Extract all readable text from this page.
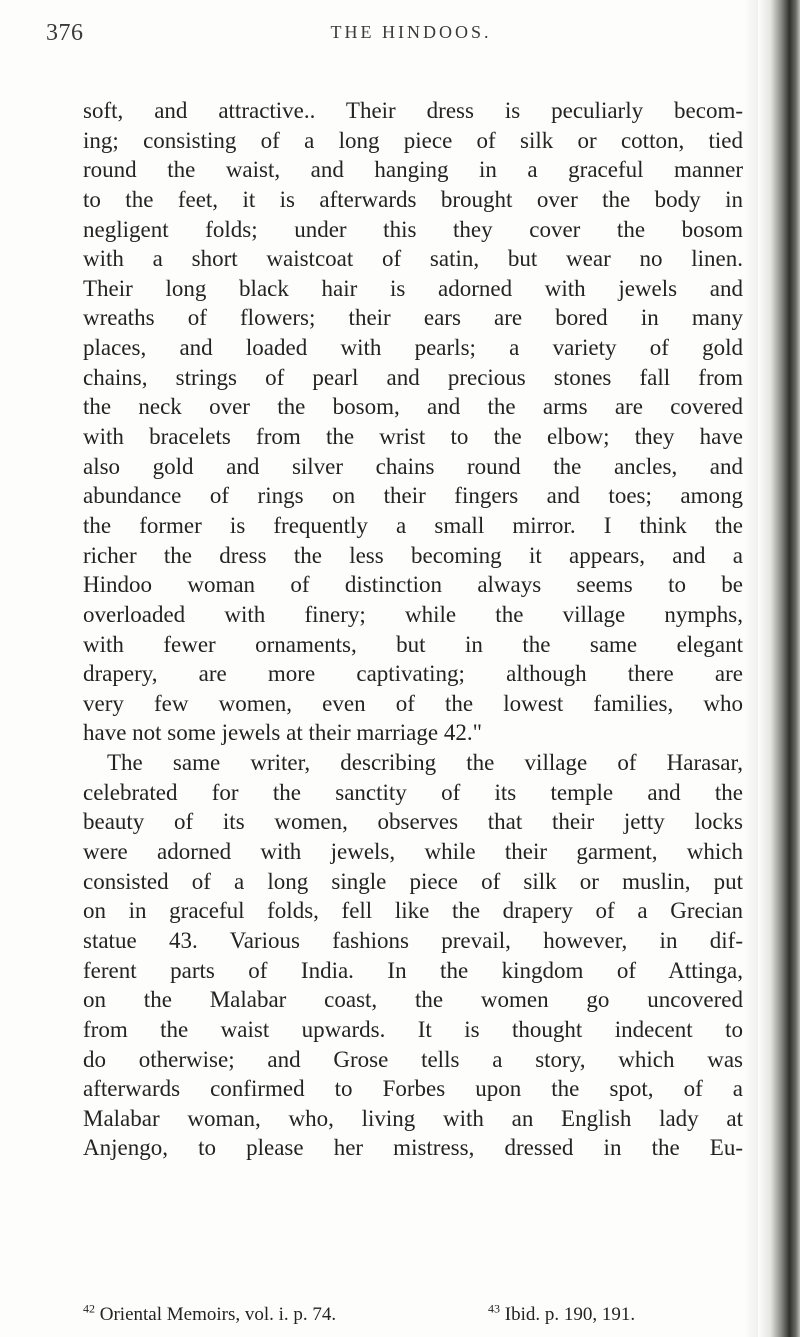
376	THE HINDOOS.
soft, and attractive.. Their dress is peculiarly becom-
ing; consisting of a long piece of silk or cotton, tied
round the waist, and hanging in a graceful manner
to the feet, it is afterwards brought over the body in
negligent folds; under this they cover the bosom
with a short waistcoat of satin, but wear no linen.
Their long black hair is adorned with jewels and
wreaths of flowers; their ears are bored in many
places, and loaded with pearls; a variety of gold
chains, strings of pearl and precious stones fall from
the neck over the bosom, and the arms are covered
with bracelets from the wrist to the elbow; they have
also gold and silver chains round the ancles, and
abundance of rings on their fingers and toes; among
the former is frequently a small mirror. I think the
richer the dress the less becoming it appears, and a
Hindoo woman of distinction always seems to be
overloaded with finery; while the village nymphs,
with fewer ornaments, but in the same elegant
drapery, are more captivating; although there are
very few women, even of the lowest families, who
have not some jewels at their marriage 42."
The same writer, describing the village of Harasar,
celebrated for the sanctity of its temple and the
beauty of its women, observes that their jetty locks
were adorned with jewels, while their garment, which
consisted of a long single piece of silk or muslin, put
on in graceful folds, fell like the drapery of a Grecian
statue 43. Various fashions prevail, however, in dif-
ferent parts of India. In the kingdom of Attinga,
on the Malabar coast, the women go uncovered
from the waist upwards. It is thought indecent to
do otherwise; and Grose tells a story, which was
afterwards confirmed to Forbes upon the spot, of a
Malabar woman, who, living with an English lady at
Anjengo, to please her mistress, dressed in the Eu-
$^{42}$ Oriental Memoirs, vol. i. p. 74.	$^{43}$ Ibid. p. 190, 191.
